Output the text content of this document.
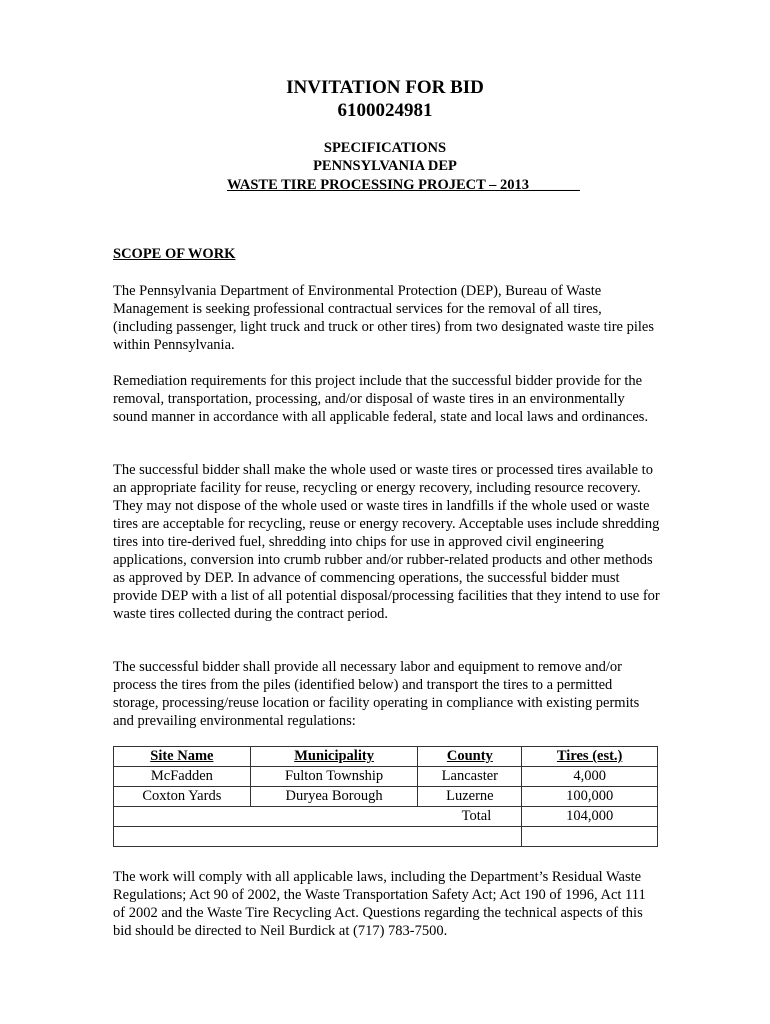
INVITATION FOR BID
6100024981
SPECIFICATIONS
PENNSYLVANIA DEP
WASTE TIRE PROCESSING PROJECT – 2013_______
SCOPE OF WORK

The Pennsylvania Department of Environmental Protection (DEP), Bureau of Waste Management is seeking professional contractual services for the removal of all tires, (including passenger, light truck and truck or other tires) from two designated waste tire piles within Pennsylvania.

Remediation requirements for this project include that the successful bidder provide for the removal, transportation, processing, and/or disposal of waste tires in an environmentally sound manner in accordance with all applicable federal, state and local laws and ordinances.

The successful bidder shall make the whole used or waste tires or processed tires available to an appropriate facility for reuse, recycling or energy recovery, including resource recovery. They may not dispose of the whole used or waste tires in landfills if the whole used or waste tires are acceptable for recycling, reuse or energy recovery. Acceptable uses include shredding tires into tire-derived fuel, shredding into chips for use in approved civil engineering applications, conversion into crumb rubber and/or rubber-related products and other methods as approved by DEP. In advance of commencing operations, the successful bidder must provide DEP with a list of all potential disposal/processing facilities that they intend to use for waste tires collected during the contract period.

The successful bidder shall provide all necessary labor and equipment to remove and/or process the tires from the piles (identified below) and transport the tires to a permitted storage, processing/reuse location or facility operating in compliance with existing permits and prevailing environmental regulations:

Site Name	Municipality	County	Tires (est.)
McFadden	Fulton Township	Lancaster	4,000
Coxton Yards	Duryea Borough	Luzerne	100,000
		Total	104,000

The work will comply with all applicable laws, including the Department’s Residual Waste Regulations; Act 90 of 2002, the Waste Transportation Safety Act; Act 190 of 1996, Act 111 of 2002 and the Waste Tire Recycling Act. Questions regarding the technical aspects of this bid should be directed to Neil Burdick at (717) 783-7500.
